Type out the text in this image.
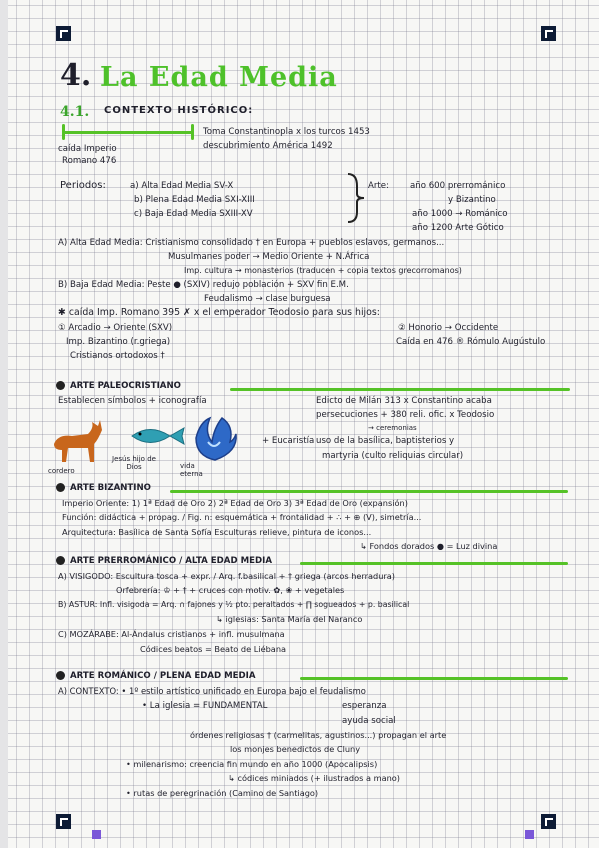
4. La Edad Media
4.1. CONTEXTO HISTÓRICO:
caída Imperio
Romano 476
Toma Constantinopla x los turcos 1453
descubrimiento América 1492
Periodos:	a) Alta Edad Media SV-X
b) Plena Edad Media SXI-XIII
c) Baja Edad Media SXIII-XV
Arte: año 600 prerrománico
y Bizantino
año 1000 → Románico
año 1200 Arte Gótico
A) Alta Edad Media: Cristianismo consolidado † en Europa + pueblos eslavos, germanos...
Musulmanes poder → Medio Oriente + N.África
Imp. cultura → monasterios (traducen + copia textos grecorromanos)
B) Baja Edad Media: Peste ● (SXIV) redujo población + SXV fin E.M.
Feudalismo → clase burguesa
✱ caída Imp. Romano 395 ✗ x el emperador Teodosio para sus hijos:
① Arcadio → Oriente (SXV)
Imp. Bizantino (r.griega)
Cristianos ortodoxos †
② Honorio → Occidente
Caída en 476 ® Rómulo Augústulo
ARTE PALEOCRISTIANO
Establecen símbolos + iconografía	Edicto de Milán 313 x Constantino acaba
persecuciones + 380 reli. ofic. x Teodosio
→ ceremonias
uso de la basílica, baptisterios y
martyria (culto reliquias circular)
+ Eucaristía
cordero
Jesús hijo de Dios	vida eterna
ARTE BIZANTINO
Imperio Oriente: 1) 1ª Edad de Oro 2) 2ª Edad de Oro 3) 3ª Edad de Oro (expansión)
Función: didáctica + propag. / Fig. n: esquemática + frontalidad + ∴ + ⊕ (V), simetría...
Arquitectura: Basílica de Santa Sofía Esculturas relieve, pintura de iconos...
↳ Fondos dorados ● = Luz divina
ARTE PRERROMÁNICO / ALTA EDAD MEDIA
A) VISIGODO: Escultura tosca + expr. / Arq. f.basilical + † griega (arcos herradura)
Orfebrería: ♔ + † + cruces con motiv. ✿, ❀ + vegetales
B) ASTUR: Infl. visigoda = Arq. ∩ fajones y ½ pto. peraltados + ∏ sogueados + p. basilical
↳ iglesias: Santa María del Naranco
C) MOZÁRABE: Al-Ándalus cristianos + infl. musulmana
Códices beatos = Beato de Liébana
ARTE ROMÁNICO / PLENA EDAD MEDIA
A) CONTEXTO: • 1º estilo artístico unificado en Europa bajo el feudalismo
• La iglesia = FUNDAMENTAL	esperanza
ayuda social
órdenes religiosas † (carmelitas, agustinos...) propagan el arte
los monjes benedictos de Cluny
• milenarismo: creencia fin mundo en año 1000 (Apocalipsis)
↳ códices miniados (+ ilustrados a mano)
• rutas de peregrinación (Camino de Santiago)
